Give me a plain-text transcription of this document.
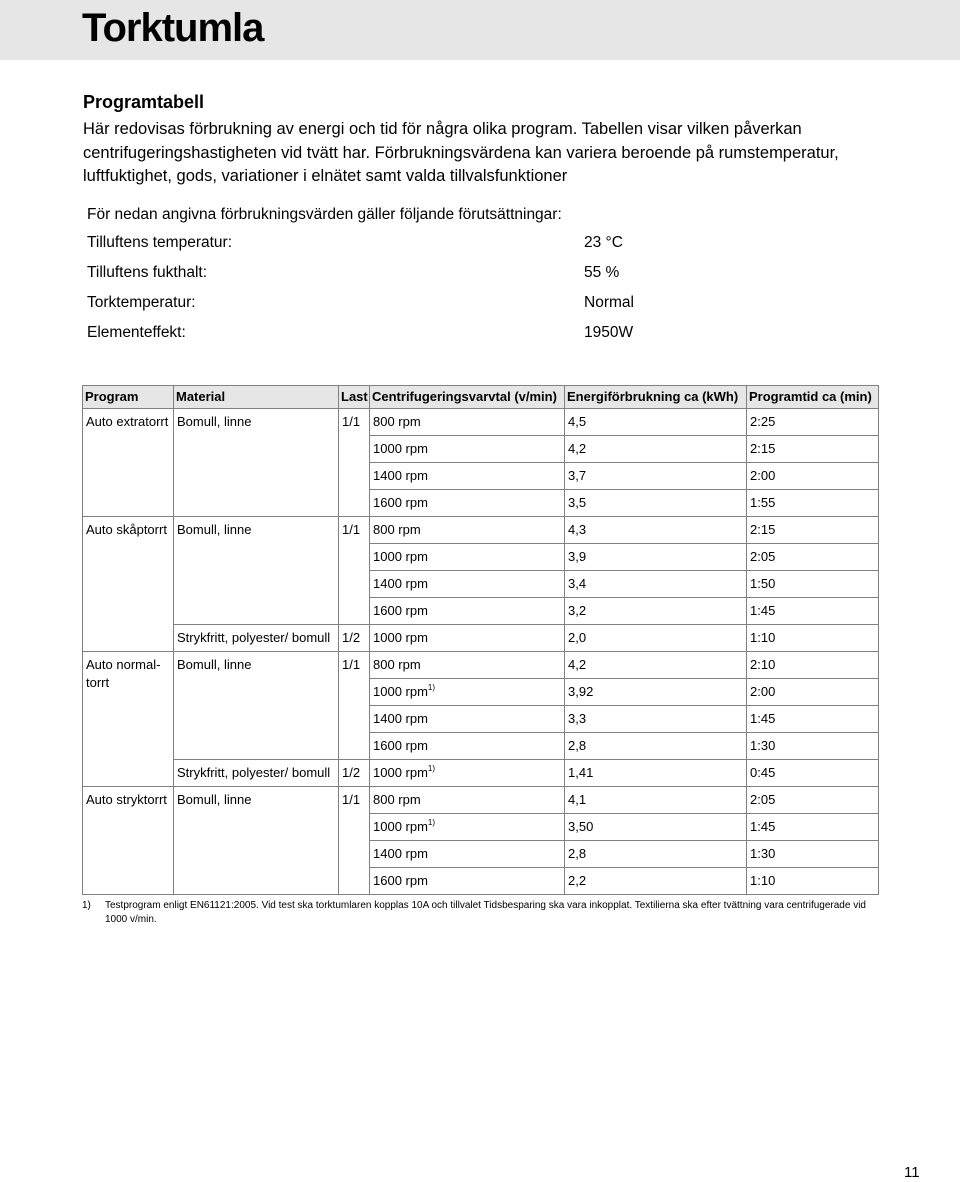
Torktumla
Programtabell
Här redovisas förbrukning av energi och tid för några olika program. Tabellen visar vilken påverkan
centrifugeringshastigheten vid tvätt har. Förbrukningsvärdena kan variera beroende på rumstemperatur,
luftfuktighet, gods, variationer i elnätet samt valda tillvalsfunktioner
För nedan angivna förbrukningsvärden gäller följande förutsättningar:
Tilluftens temperatur:	23 °C
Tilluftens fukthalt:	55 %
Torktemperatur:	Normal
Elementeffekt:	1950W
Program	Material	Last	Centrifugeringsvarvtal (v/min)	Energiförbrukning ca (kWh)	Programtid ca (min)
Auto extratorrt	Bomull, linne	1/1	800 rpm	4,5	2:25
			1000 rpm	4,2	2:15
			1400 rpm	3,7	2:00
			1600 rpm	3,5	1:55
Auto skåptorrt	Bomull, linne	1/1	800 rpm	4,3	2:15
			1000 rpm	3,9	2:05
			1400 rpm	3,4	1:50
			1600 rpm	3,2	1:45
	Strykfritt, polyester/ bomull	1/2	1000 rpm	2,0	1:10
Auto normal-torrt	Bomull, linne	1/1	800 rpm	4,2	2:10
			1000 rpm$^{1)}$	3,92	2:00
			1400 rpm	3,3	1:45
			1600 rpm	2,8	1:30
	Strykfritt, polyester/ bomull	1/2	1000 rpm$^{1)}$	1,41	0:45
Auto stryktorrt	Bomull, linne	1/1	800 rpm	4,1	2:05
			1000 rpm$^{1)}$	3,50	1:45
			1400 rpm	2,8	1:30
			1600 rpm	2,2	1:10
1) Testprogram enligt EN61121:2005. Vid test ska torktumlaren kopplas 10A och tillvalet Tidsbesparing ska vara inkopplat. Textilierna ska efter tvättning vara centrifugerade vid 1000 v/min.
11
